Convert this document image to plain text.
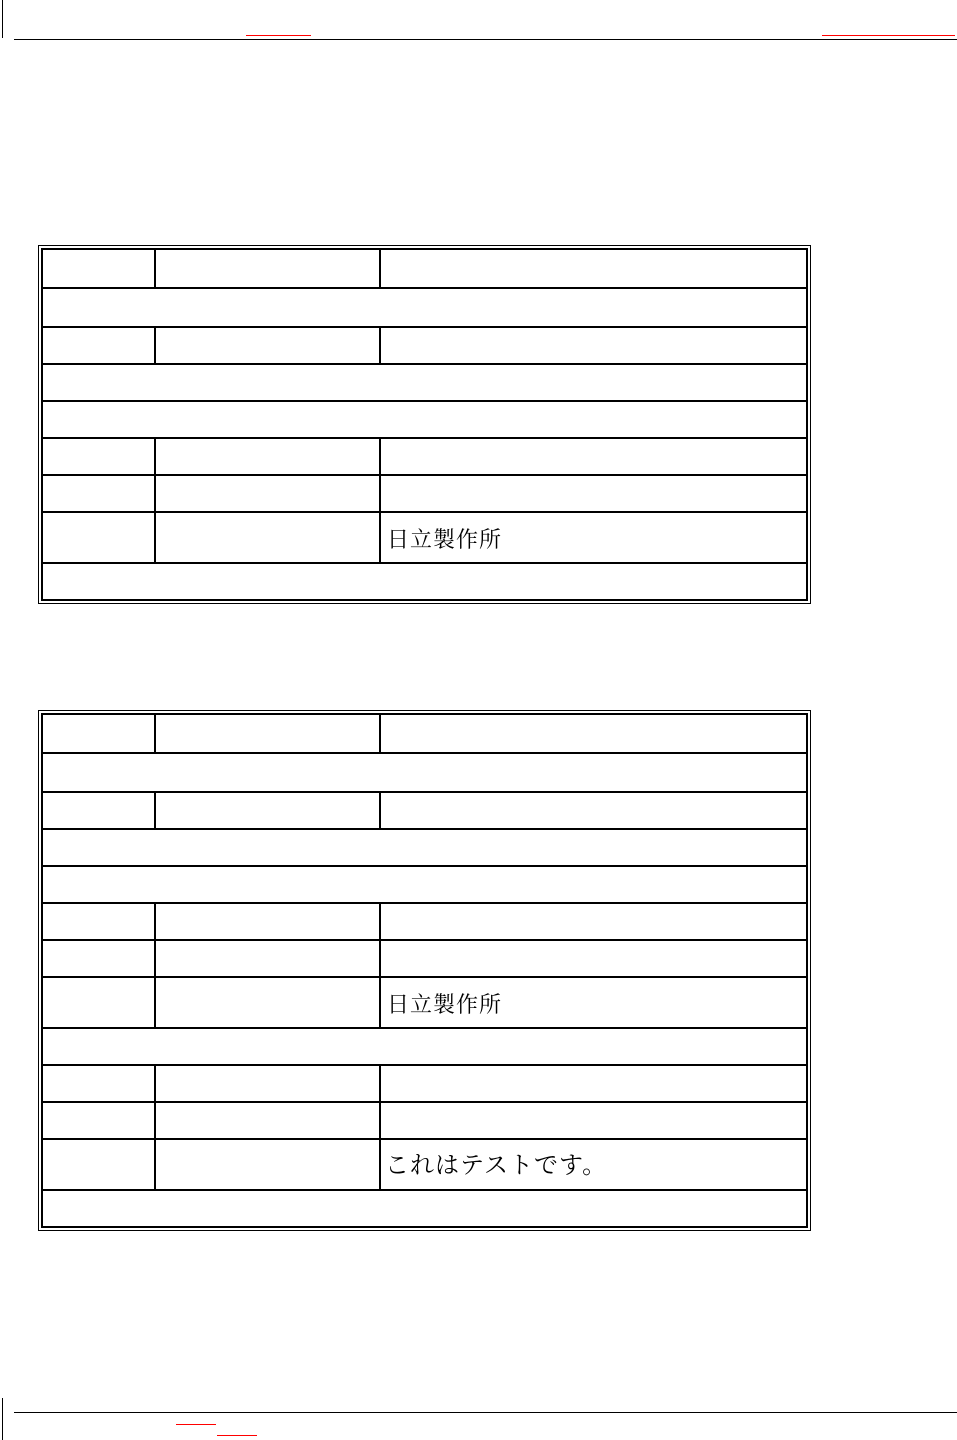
		日立製作所

		日立製作所

		これはテストです。
